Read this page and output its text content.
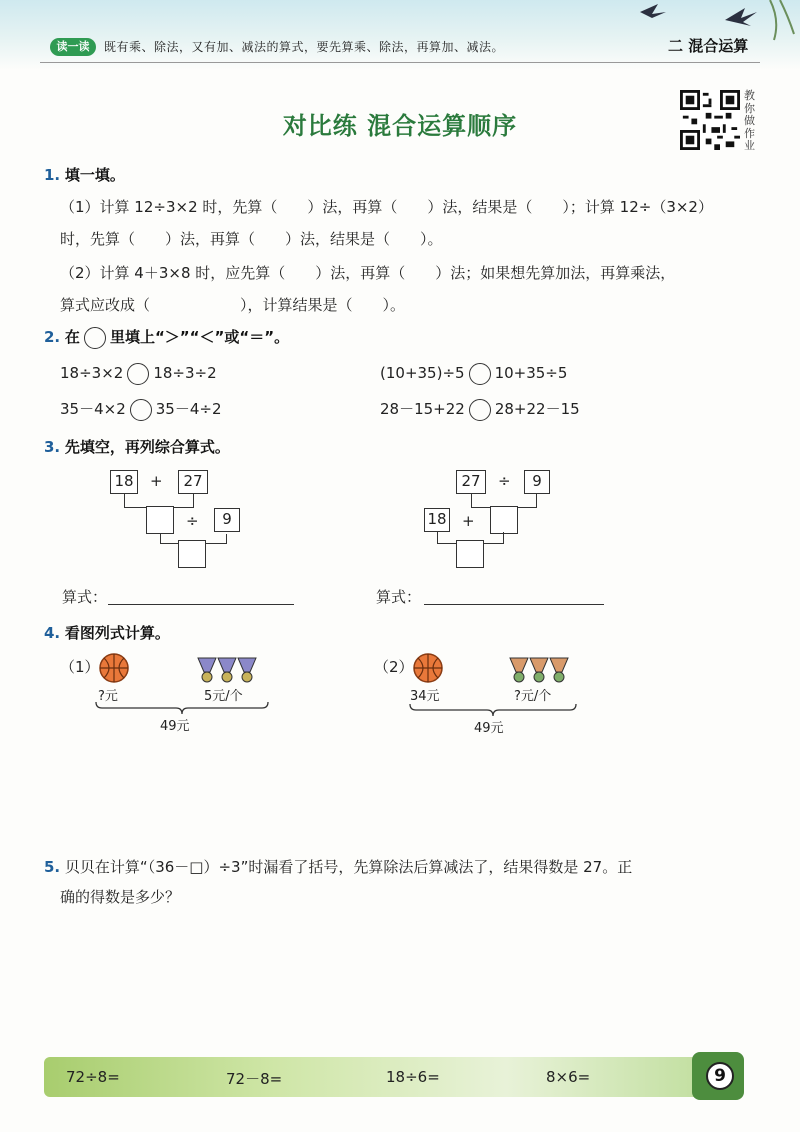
读一读	既有乘、除法，又有加、减法的算式，要先算乘、除法，再算加、减法。	二 混合运算
对比练 混合运算顺序
教你做作业
1. 填一填。
（1）计算 12÷3×2 时，先算（　　）法，再算（　　）法，结果是（　　）；计算 12÷（3×2）
时，先算（　　）法，再算（　　）法，结果是（　　）。
（2）计算 4＋3×8 时，应先算（　　）法，再算（　　）法；如果想先算加法，再算乘法，
算式应改成（　　　　　　），计算结果是（　　）。
2. 在 里填上“＞”“＜”或“＝”。
18÷3×2 18÷3÷2	(10+35)÷5 10+35÷5
35－4×2 35－4÷2	28－15+22 28+22－15
3. 先填空，再列综合算式。
18 +	27
÷	9
算式：
27	÷	9
18 +
算式：
4. 看图列式计算。
（1）
?元	5元/个
49元
（2）
34元	?元/个
49元
5. 贝贝在计算“（36－□）÷3”时漏看了括号，先算除法后算减法了，结果得数是 27。正
确的得数是多少？
72÷8=	72－8=	18÷6=	8×6=	9
